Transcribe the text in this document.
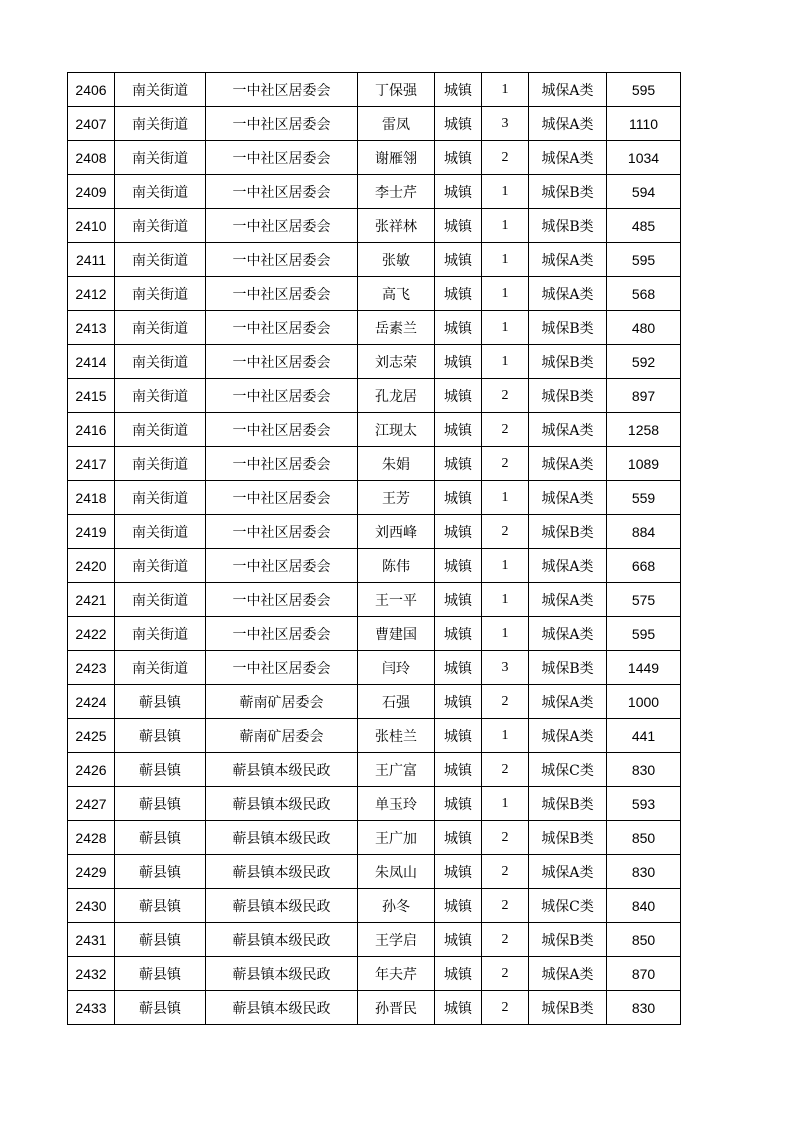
2406	南关街道	一中社区居委会	丁保强	城镇	1	城保A类	595
2407	南关街道	一中社区居委会	雷凤	城镇	3	城保A类	1110
2408	南关街道	一中社区居委会	谢雁翎	城镇	2	城保A类	1034
2409	南关街道	一中社区居委会	李士芹	城镇	1	城保B类	594
2410	南关街道	一中社区居委会	张祥林	城镇	1	城保B类	485
2411	南关街道	一中社区居委会	张敏	城镇	1	城保A类	595
2412	南关街道	一中社区居委会	高飞	城镇	1	城保A类	568
2413	南关街道	一中社区居委会	岳素兰	城镇	1	城保B类	480
2414	南关街道	一中社区居委会	刘志荣	城镇	1	城保B类	592
2415	南关街道	一中社区居委会	孔龙居	城镇	2	城保B类	897
2416	南关街道	一中社区居委会	江现太	城镇	2	城保A类	1258
2417	南关街道	一中社区居委会	朱娟	城镇	2	城保A类	1089
2418	南关街道	一中社区居委会	王芳	城镇	1	城保A类	559
2419	南关街道	一中社区居委会	刘西峰	城镇	2	城保B类	884
2420	南关街道	一中社区居委会	陈伟	城镇	1	城保A类	668
2421	南关街道	一中社区居委会	王一平	城镇	1	城保A类	575
2422	南关街道	一中社区居委会	曹建国	城镇	1	城保A类	595
2423	南关街道	一中社区居委会	闫玲	城镇	3	城保B类	1449
2424	蕲县镇	蕲南矿居委会	石强	城镇	2	城保A类	1000
2425	蕲县镇	蕲南矿居委会	张桂兰	城镇	1	城保A类	441
2426	蕲县镇	蕲县镇本级民政	王广富	城镇	2	城保C类	830
2427	蕲县镇	蕲县镇本级民政	单玉玲	城镇	1	城保B类	593
2428	蕲县镇	蕲县镇本级民政	王广加	城镇	2	城保B类	850
2429	蕲县镇	蕲县镇本级民政	朱凤山	城镇	2	城保A类	830
2430	蕲县镇	蕲县镇本级民政	孙冬	城镇	2	城保C类	840
2431	蕲县镇	蕲县镇本级民政	王学启	城镇	2	城保B类	850
2432	蕲县镇	蕲县镇本级民政	年夫芹	城镇	2	城保A类	870
2433	蕲县镇	蕲县镇本级民政	孙晋民	城镇	2	城保B类	830
